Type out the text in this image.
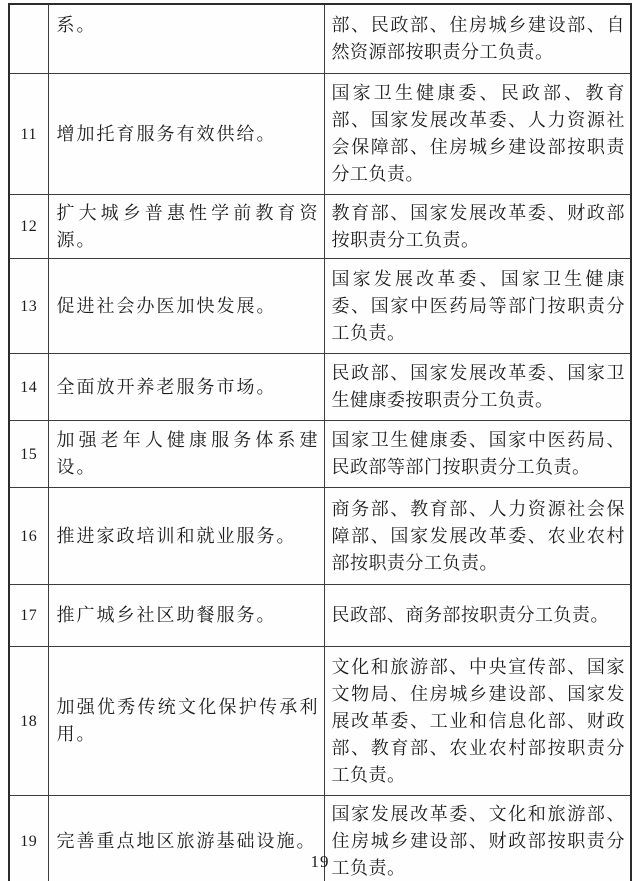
	系。	部、民政部、住房城乡建设部、自然资源部按职责分工负责。
11	增加托育服务有效供给。	国家卫生健康委、民政部、教育部、国家发展改革委、人力资源社会保障部、住房城乡建设部按职责分工负责。
12	扩大城乡普惠性学前教育资源。	教育部、国家发展改革委、财政部按职责分工负责。
13	促进社会办医加快发展。	国家发展改革委、国家卫生健康委、国家中医药局等部门按职责分工负责。
14	全面放开养老服务市场。	民政部、国家发展改革委、国家卫生健康委按职责分工负责。
15	加强老年人健康服务体系建设。	国家卫生健康委、国家中医药局、民政部等部门按职责分工负责。
16	推进家政培训和就业服务。	商务部、教育部、人力资源社会保障部、国家发展改革委、农业农村部按职责分工负责。
17	推广城乡社区助餐服务。	民政部、商务部按职责分工负责。
18	加强优秀传统文化保护传承利用。	文化和旅游部、中央宣传部、国家文物局、住房城乡建设部、国家发展改革委、工业和信息化部、财政部、教育部、农业农村部按职责分工负责。
19	完善重点地区旅游基础设施。	国家发展改革委、文化和旅游部、住房城乡建设部、财政部按职责分工负责。
19
